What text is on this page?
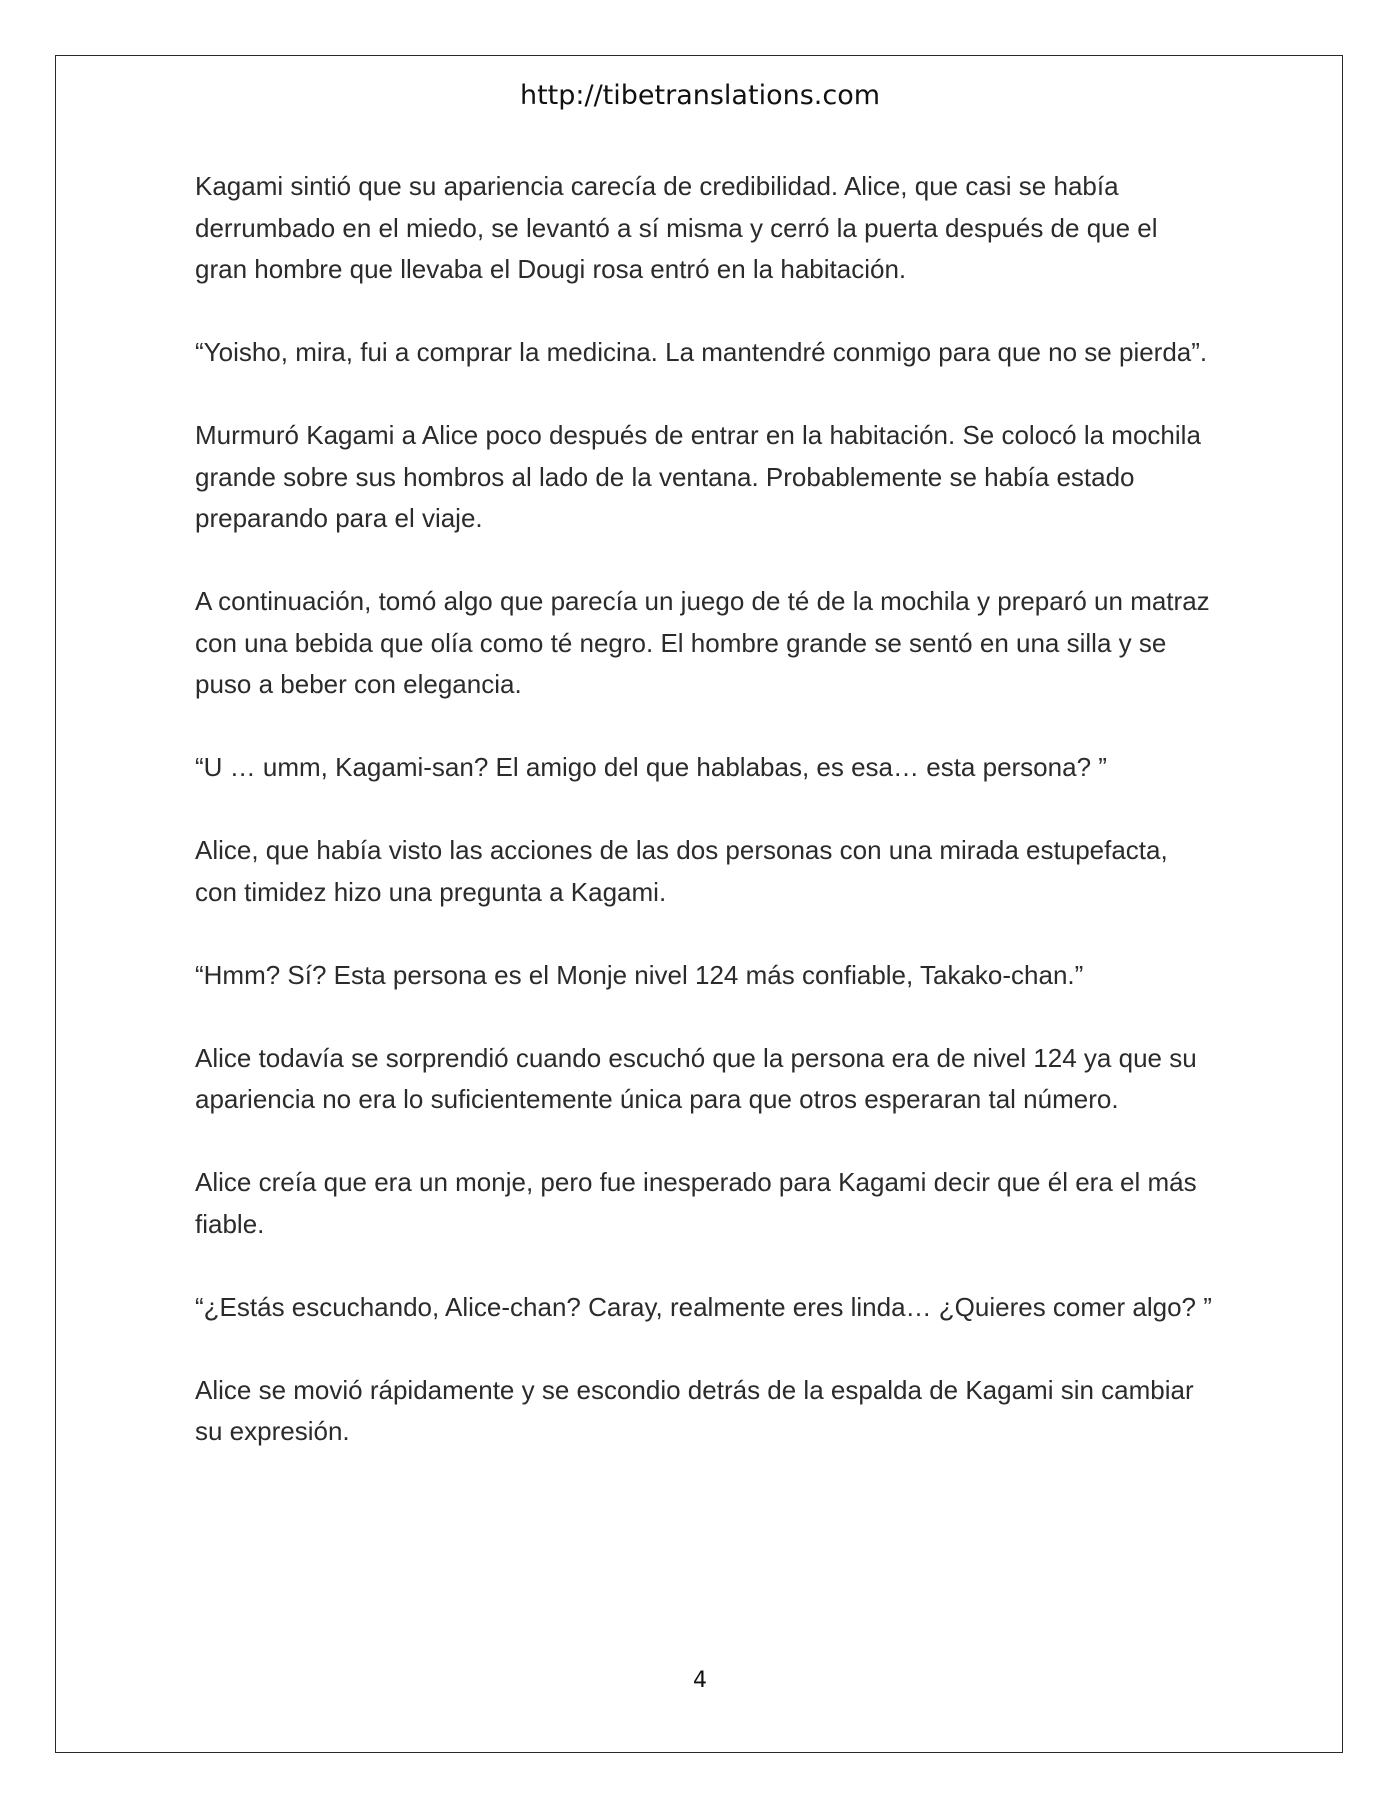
http://tibetranslations.com

Kagami sintió que su apariencia carecía de credibilidad. Alice, que casi se había derrumbado en el miedo, se levantó a sí misma y cerró la puerta después de que el gran hombre que llevaba el Dougi rosa entró en la habitación.

“Yoisho, mira, fui a comprar la medicina. La mantendré conmigo para que no se pierda”.

Murmuró Kagami a Alice poco después de entrar en la habitación. Se colocó la mochila grande sobre sus hombros al lado de la ventana. Probablemente se había estado preparando para el viaje.

A continuación, tomó algo que parecía un juego de té de la mochila y preparó un matraz con una bebida que olía como té negro. El hombre grande se sentó en una silla y se puso a beber con elegancia.

“U … umm, Kagami-san? El amigo del que hablabas, es esa… esta persona? ”

Alice, que había visto las acciones de las dos personas con una mirada estupefacta, con timidez hizo una pregunta a Kagami.

“Hmm? Sí? Esta persona es el Monje nivel 124 más confiable, Takako-chan.”

Alice todavía se sorprendió cuando escuchó que la persona era de nivel 124 ya que su apariencia no era lo suficientemente única para que otros esperaran tal número.

Alice creía que era un monje, pero fue inesperado para Kagami decir que él era el más fiable.

“¿Estás escuchando, Alice-chan? Caray, realmente eres linda… ¿Quieres comer algo? ”

Alice se movió rápidamente y se escondio detrás de la espalda de Kagami sin cambiar su expresión.

4
